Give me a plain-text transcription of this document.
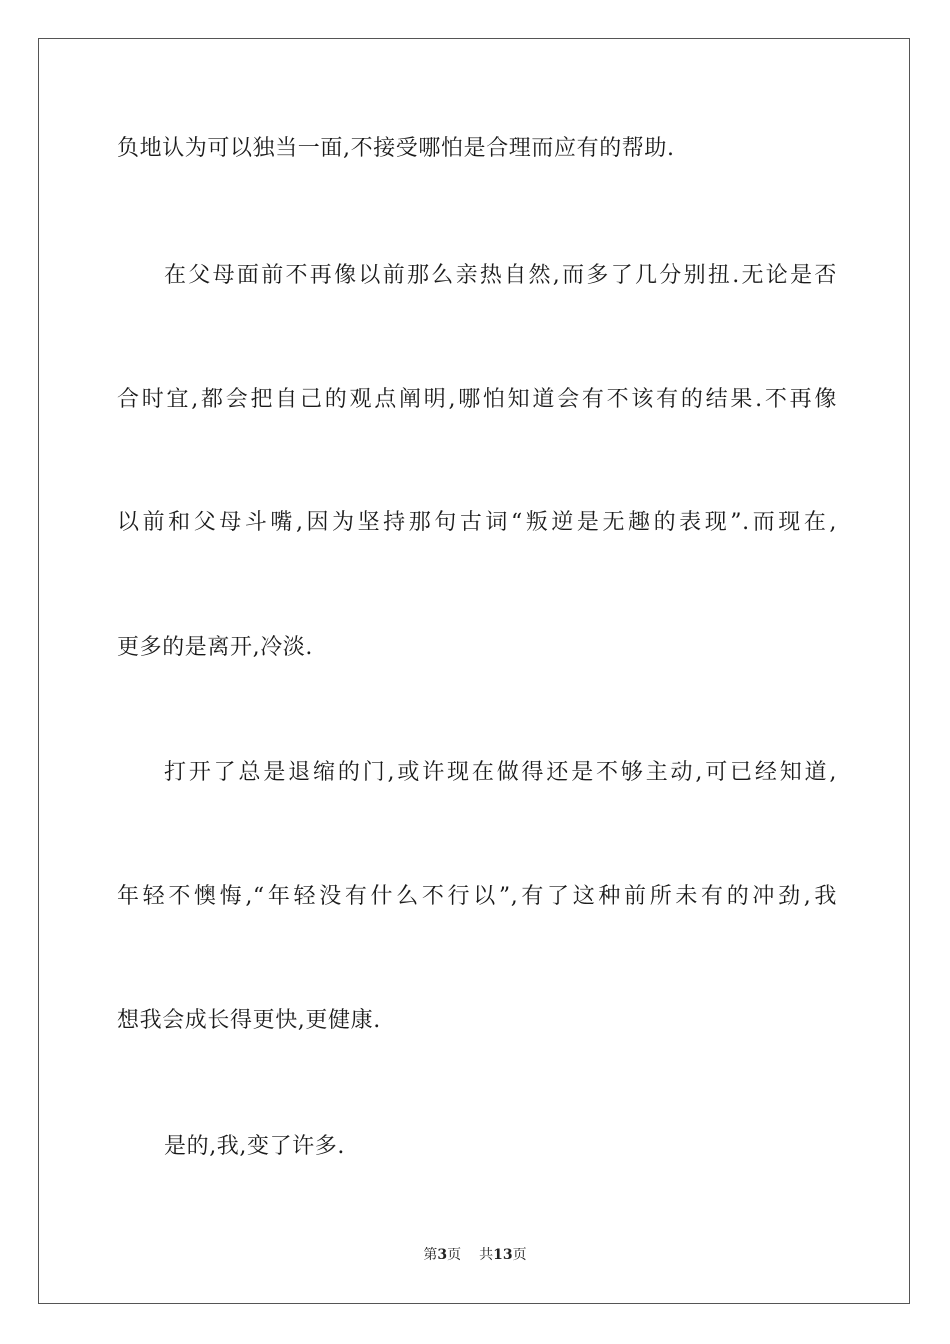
负地认为可以独当一面,不接受哪怕是合理而应有的帮助.
在父母面前不再像以前那么亲热自然,而多了几分别扭.无论是否
合时宜,都会把自己的观点阐明,哪怕知道会有不该有的结果.不再像
以前和父母斗嘴,因为坚持那句古词“叛逆是无趣的表现”.而现在,
更多的是离开,冷淡.
打开了总是退缩的门,或许现在做得还是不够主动,可已经知道,
年轻不懊悔,“年轻没有什么不行以”,有了这种前所未有的冲劲,我
想我会成长得更快,更健康.
是的,我,变了许多.
第3页 共13页
